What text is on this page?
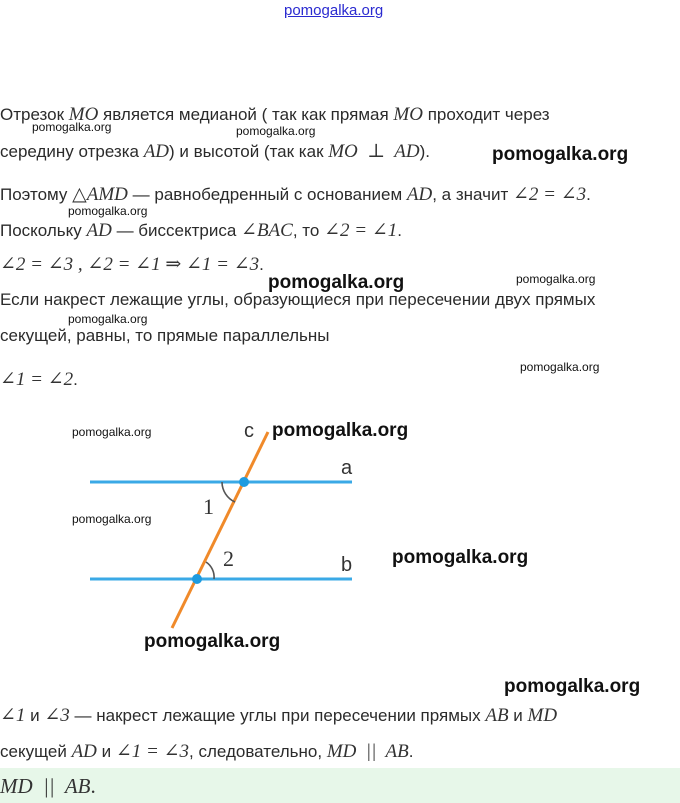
pomogalka.org
Отрезок MO является медианой ( так как прямая MO проходит через
pomogalka.org	pomogalka.org
середину отрезка AD) и высотой (так как MO  ⊥  AD).	pomogalka.org
Поэтому △AMD — равнобедренный с основанием AD, а значит ∠2 = ∠3.
pomogalka.org
Поскольку AD — биссектриса ∠BAC, то ∠2 = ∠1.
∠2 = ∠3 , ∠2 = ∠1 ⇒ ∠1 = ∠3.
pomogalka.org	pomogalka.org
Если накрест лежащие углы, образующиеся при пересечении двух прямых
pomogalka.org
секущей, равны, то прямые параллельны
pomogalka.org
∠1 = ∠2.
c
a
b
1
2
pomogalka.org	pomogalka.org
pomogalka.org
pomogalka.org
pomogalka.org
pomogalka.org
∠1 и ∠3 — накрест лежащие углы при пересечении прямых AB и MD
секущей AD и ∠1 = ∠3, следовательно, MD  ||  AB.
MD  ||  AB.
